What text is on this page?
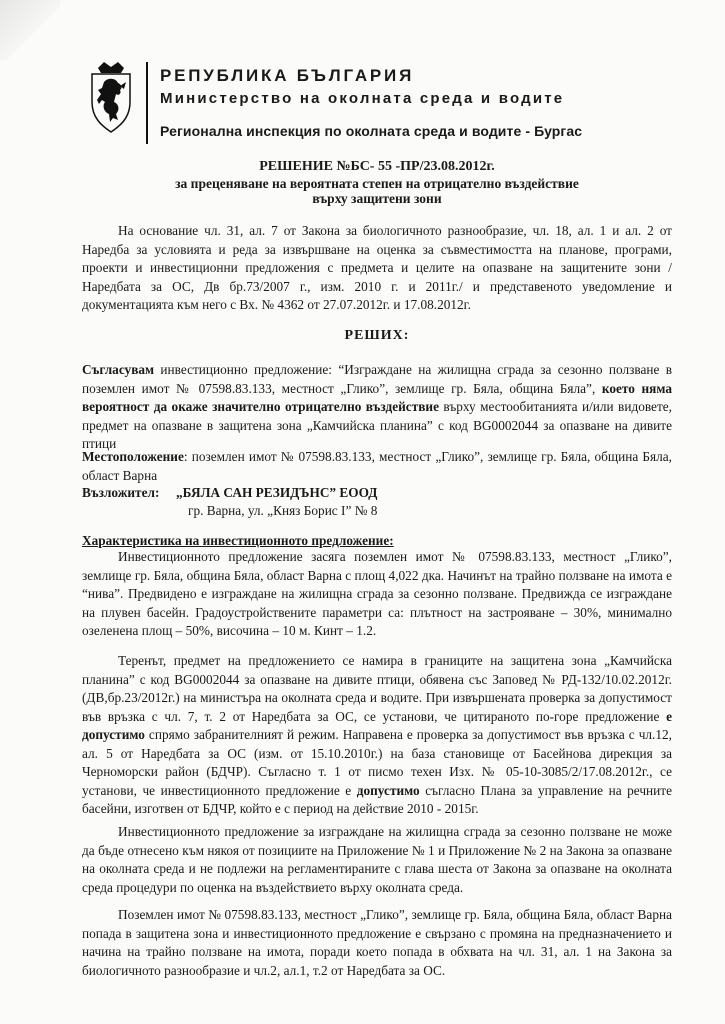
РЕПУБЛИКА БЪЛГАРИЯ
Министерство на околната среда и водите
Регионална инспекция по околната среда и водите - Бургас
РЕШЕНИЕ №БС- 55 -ПР/23.08.2012г.
за преценяване на вероятната степен на отрицателно въздействие
върху защитени зони
На основание чл. 31, ал. 7 от Закона за биологичното разнообразие, чл. 18, ал. 1 и ал. 2 от Наредба за условията и реда за извършване на оценка за съвместимостта на планове, програми, проекти и инвестиционни предложения с предмета и целите на опазване на защитените зони /Наредбата за ОС, Дв бр.73/2007 г., изм. 2010 г. и 2011г./ и представеното уведомление и документацията към него с Вх. № 4362 от 27.07.2012г. и 17.08.2012г.
РЕШИХ:
Съгласувам инвестиционно предложение: “Изграждане на жилищна сграда за сезонно ползване в поземлен имот № 07598.83.133, местност „Глико”, землище гр. Бяла, община Бяла”, което няма вероятност да окаже значително отрицателно въздействие върху местообитанията и/или видовете, предмет на опазване в защитена зона „Камчийска планина” с код BG0002044 за опазване на дивите птици
Местоположение: поземлен имот № 07598.83.133, местност „Глико”, землище гр. Бяла, община Бяла, област Варна
Възложител: „БЯЛА САН РЕЗИДЪНС” ЕООД
гр. Варна, ул. „Княз Борис I” № 8
Характеристика на инвестиционното предложение:
Инвестиционното предложение засяга поземлен имот № 07598.83.133, местност „Глико”, землище гр. Бяла, община Бяла, област Варна с площ 4,022 дка. Начинът на трайно ползване на имота е “нива”. Предвидено е изграждане на жилищна сграда за сезонно ползване. Предвижда се изграждане на плувен басейн. Градоустройствените параметри са: плътност на застрояване – 30%, минимално озеленена площ – 50%, височина – 10 м. Кинт – 1.2.
Теренът, предмет на предложението се намира в границите на защитена зона „Камчийска планина” с код BG0002044 за опазване на дивите птици, обявена със Заповед № РД-132/10.02.2012г. (ДВ,бр.23/2012г.) на министъра на околната среда и водите. При извършената проверка за допустимост във връзка с чл. 7, т. 2 от Наредбата за ОС, се установи, че цитираното по-горе предложение е допустимо спрямо забранителният й режим. Направена е проверка за допустимост във връзка с чл.12, ал. 5 от Наредбата за ОС (изм. от 15.10.2010г.) на база становище от Басейнова дирекция за Черноморски район (БДЧР). Съгласно т. 1 от писмо техен Изх. № 05-10-3085/2/17.08.2012г., се установи, че инвестиционното предложение е допустимо съгласно Плана за управление на речните басейни, изготвен от БДЧР, който е с период на действие 2010 - 2015г.
Инвестиционното предложение за изграждане на жилищна сграда за сезонно ползване не може да бъде отнесено към някоя от позициите на Приложение № 1 и Приложение № 2 на Закона за опазване на околната среда и не подлежи на регламентираните с глава шеста от Закона за опазване на околната среда процедури по оценка на въздействието върху околната среда.
Поземлен имот № 07598.83.133, местност „Глико”, землище гр. Бяла, община Бяла, област Варна попада в защитена зона и инвестиционното предложение е свързано с промяна на предназначението и начина на трайно ползване на имота, поради което попада в обхвата на чл. 31, ал. 1 на Закона за биологичното разнообразие и чл.2, ал.1, т.2 от Наредбата за ОС.
